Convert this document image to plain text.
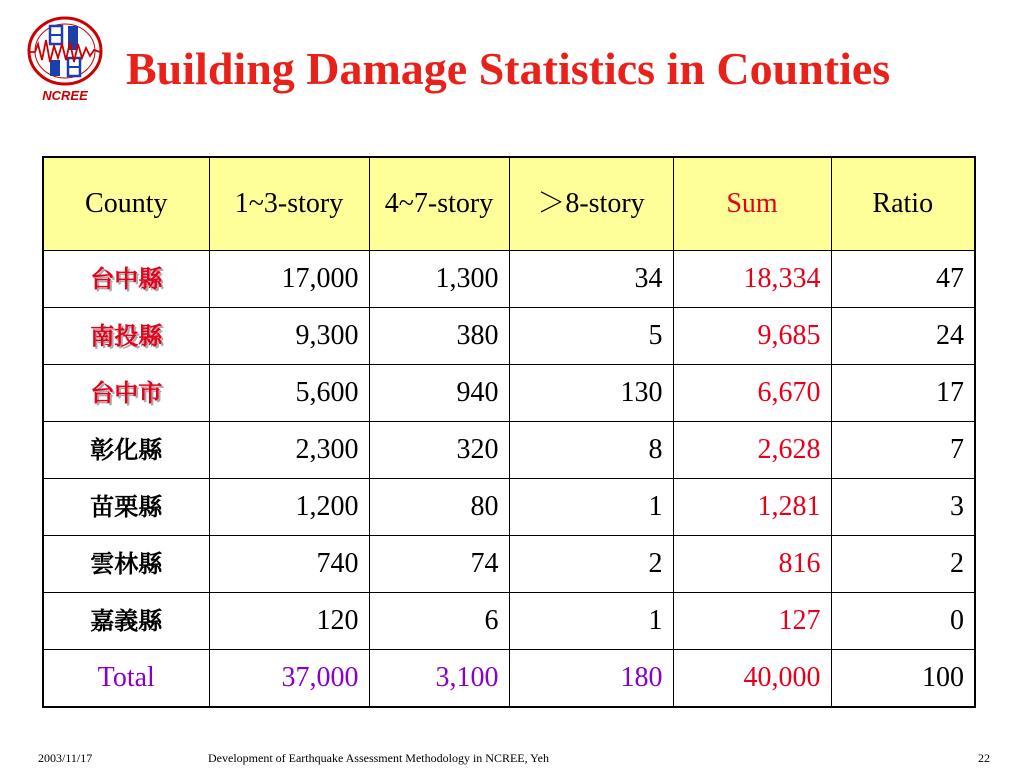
NCREE
Building Damage Statistics in Counties
County	1~3-story	4~7-story	＞8-story	Sum	Ratio
台中縣	17,000	1,300	34	18,334	47
南投縣	9,300	380	5	9,685	24
台中市	5,600	940	130	6,670	17
彰化縣	2,300	320	8	2,628	7
苗栗縣	1,200	80	1	1,281	3
雲林縣	740	74	2	816	2
嘉義縣	120	6	1	127	0
Total	37,000	3,100	180	40,000	100
2003/11/17	Development of Earthquake Assessment Methodology in NCREE, Yeh	22
